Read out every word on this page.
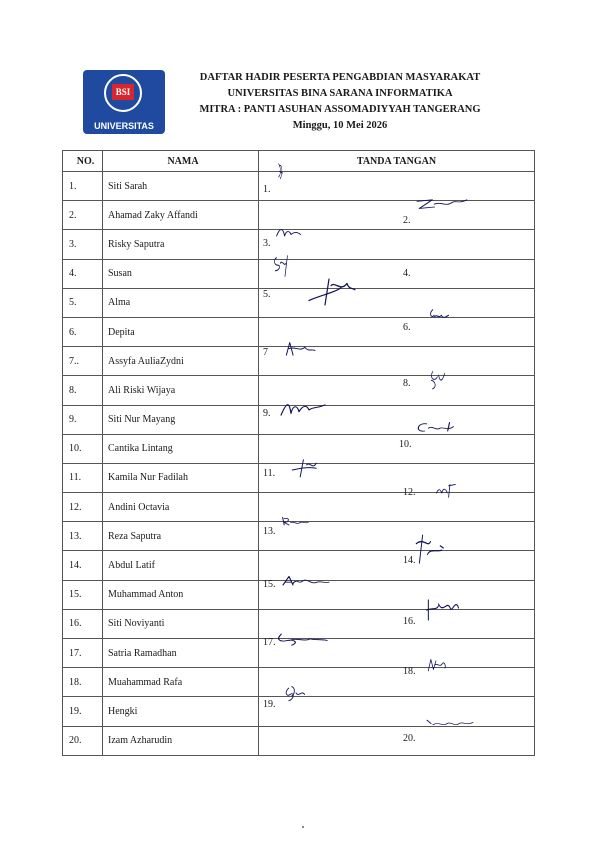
BSI
UNIVERSITAS
DAFTAR HADIR PESERTA PENGABDIAN MASYARAKAT
UNIVERSITAS BINA SARANA INFORMATIKA
MITRA : PANTI ASUHAN ASSOMADIYYAH TANGERANG
Minggu, 10 Mei 2026
NO.	NAMA	TANDA TANGAN
1.	Siti Sarah	1.

2.	Ahamad Zaky Affandi	2.

3.	Risky Saputra	3.

4.	Susan	4.

5.	Alma	5.

6.	Depita	6.

7..	Assyfa AuliaZydni	7

8.	Ali Riski Wijaya	8.

9.	Siti Nur Mayang	9.

10.	Cantika Lintang	10.

11.	Kamila Nur Fadilah	11.

12.	Andini Octavia	12.

13.	Reza Saputra	13.

14.	Abdul Latif	14.

15.	Muhammad Anton	15.

16.	Siti Noviyanti	16.

17.	Satria Ramadhan	17.

18.	Muahammad Rafa	18.

19.	Hengki	19.

20.	Izam Azharudin	20.
